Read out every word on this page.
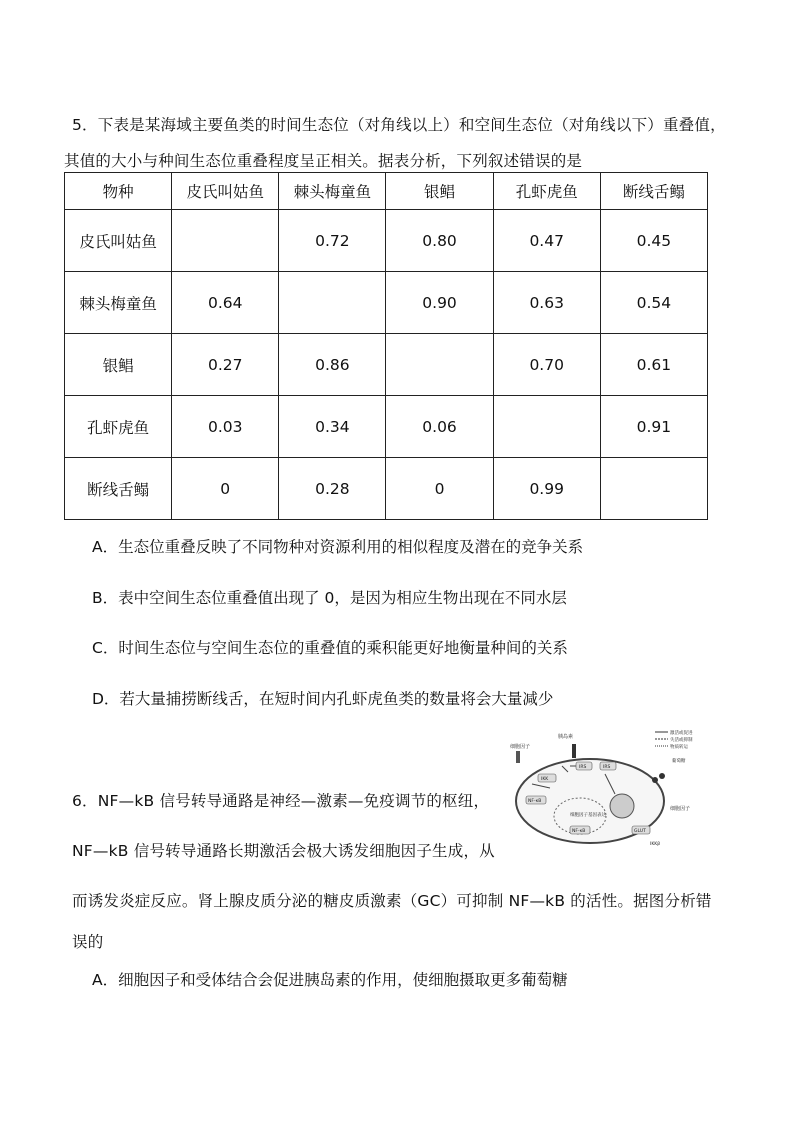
5．下表是某海域主要鱼类的时间生态位（对角线以上）和空间生态位（对角线以下）重叠值，
其值的大小与种间生态位重叠程度呈正相关。据表分析，下列叙述错误的是
物种	皮氏叫姑鱼	棘头梅童鱼	银鲳	孔虾虎鱼	断线舌鳎
皮氏叫姑鱼		0.72	0.80	0.47	0.45
棘头梅童鱼	0.64		0.90	0.63	0.54
银鲳	0.27	0.86		0.70	0.61
孔虾虎鱼	0.03	0.34	0.06		0.91
断线舌鳎	0	0.28	0	0.99	
A．生态位重叠反映了不同物种对资源利用的相似程度及潜在的竞争关系
B．表中空间生态位重叠值出现了 0，是因为相应生物出现在不同水层
C．时间生态位与空间生态位的重叠值的乘积能更好地衡量种间的关系
D．若大量捕捞断线舌，在短时间内孔虾虎鱼类的数量将会大量减少
胰岛素
细胞因子
激活或促进
失活或抑制
物质转运
葡萄糖
细胞因子
细胞因子基因表达
IRS	IRS
IKK
NF-κB
NF-κB	GLUT
IKKβ
6．NF—kB 信号转导通路是神经—激素—免疫调节的枢纽，
NF—kB 信号转导通路长期激活会极大诱发细胞因子生成，从
而诱发炎症反应。肾上腺皮质分泌的糖皮质激素（GC）可抑制 NF—kB 的活性。据图分析错
误的
A．细胞因子和受体结合会促进胰岛素的作用，使细胞摄取更多葡萄糖
